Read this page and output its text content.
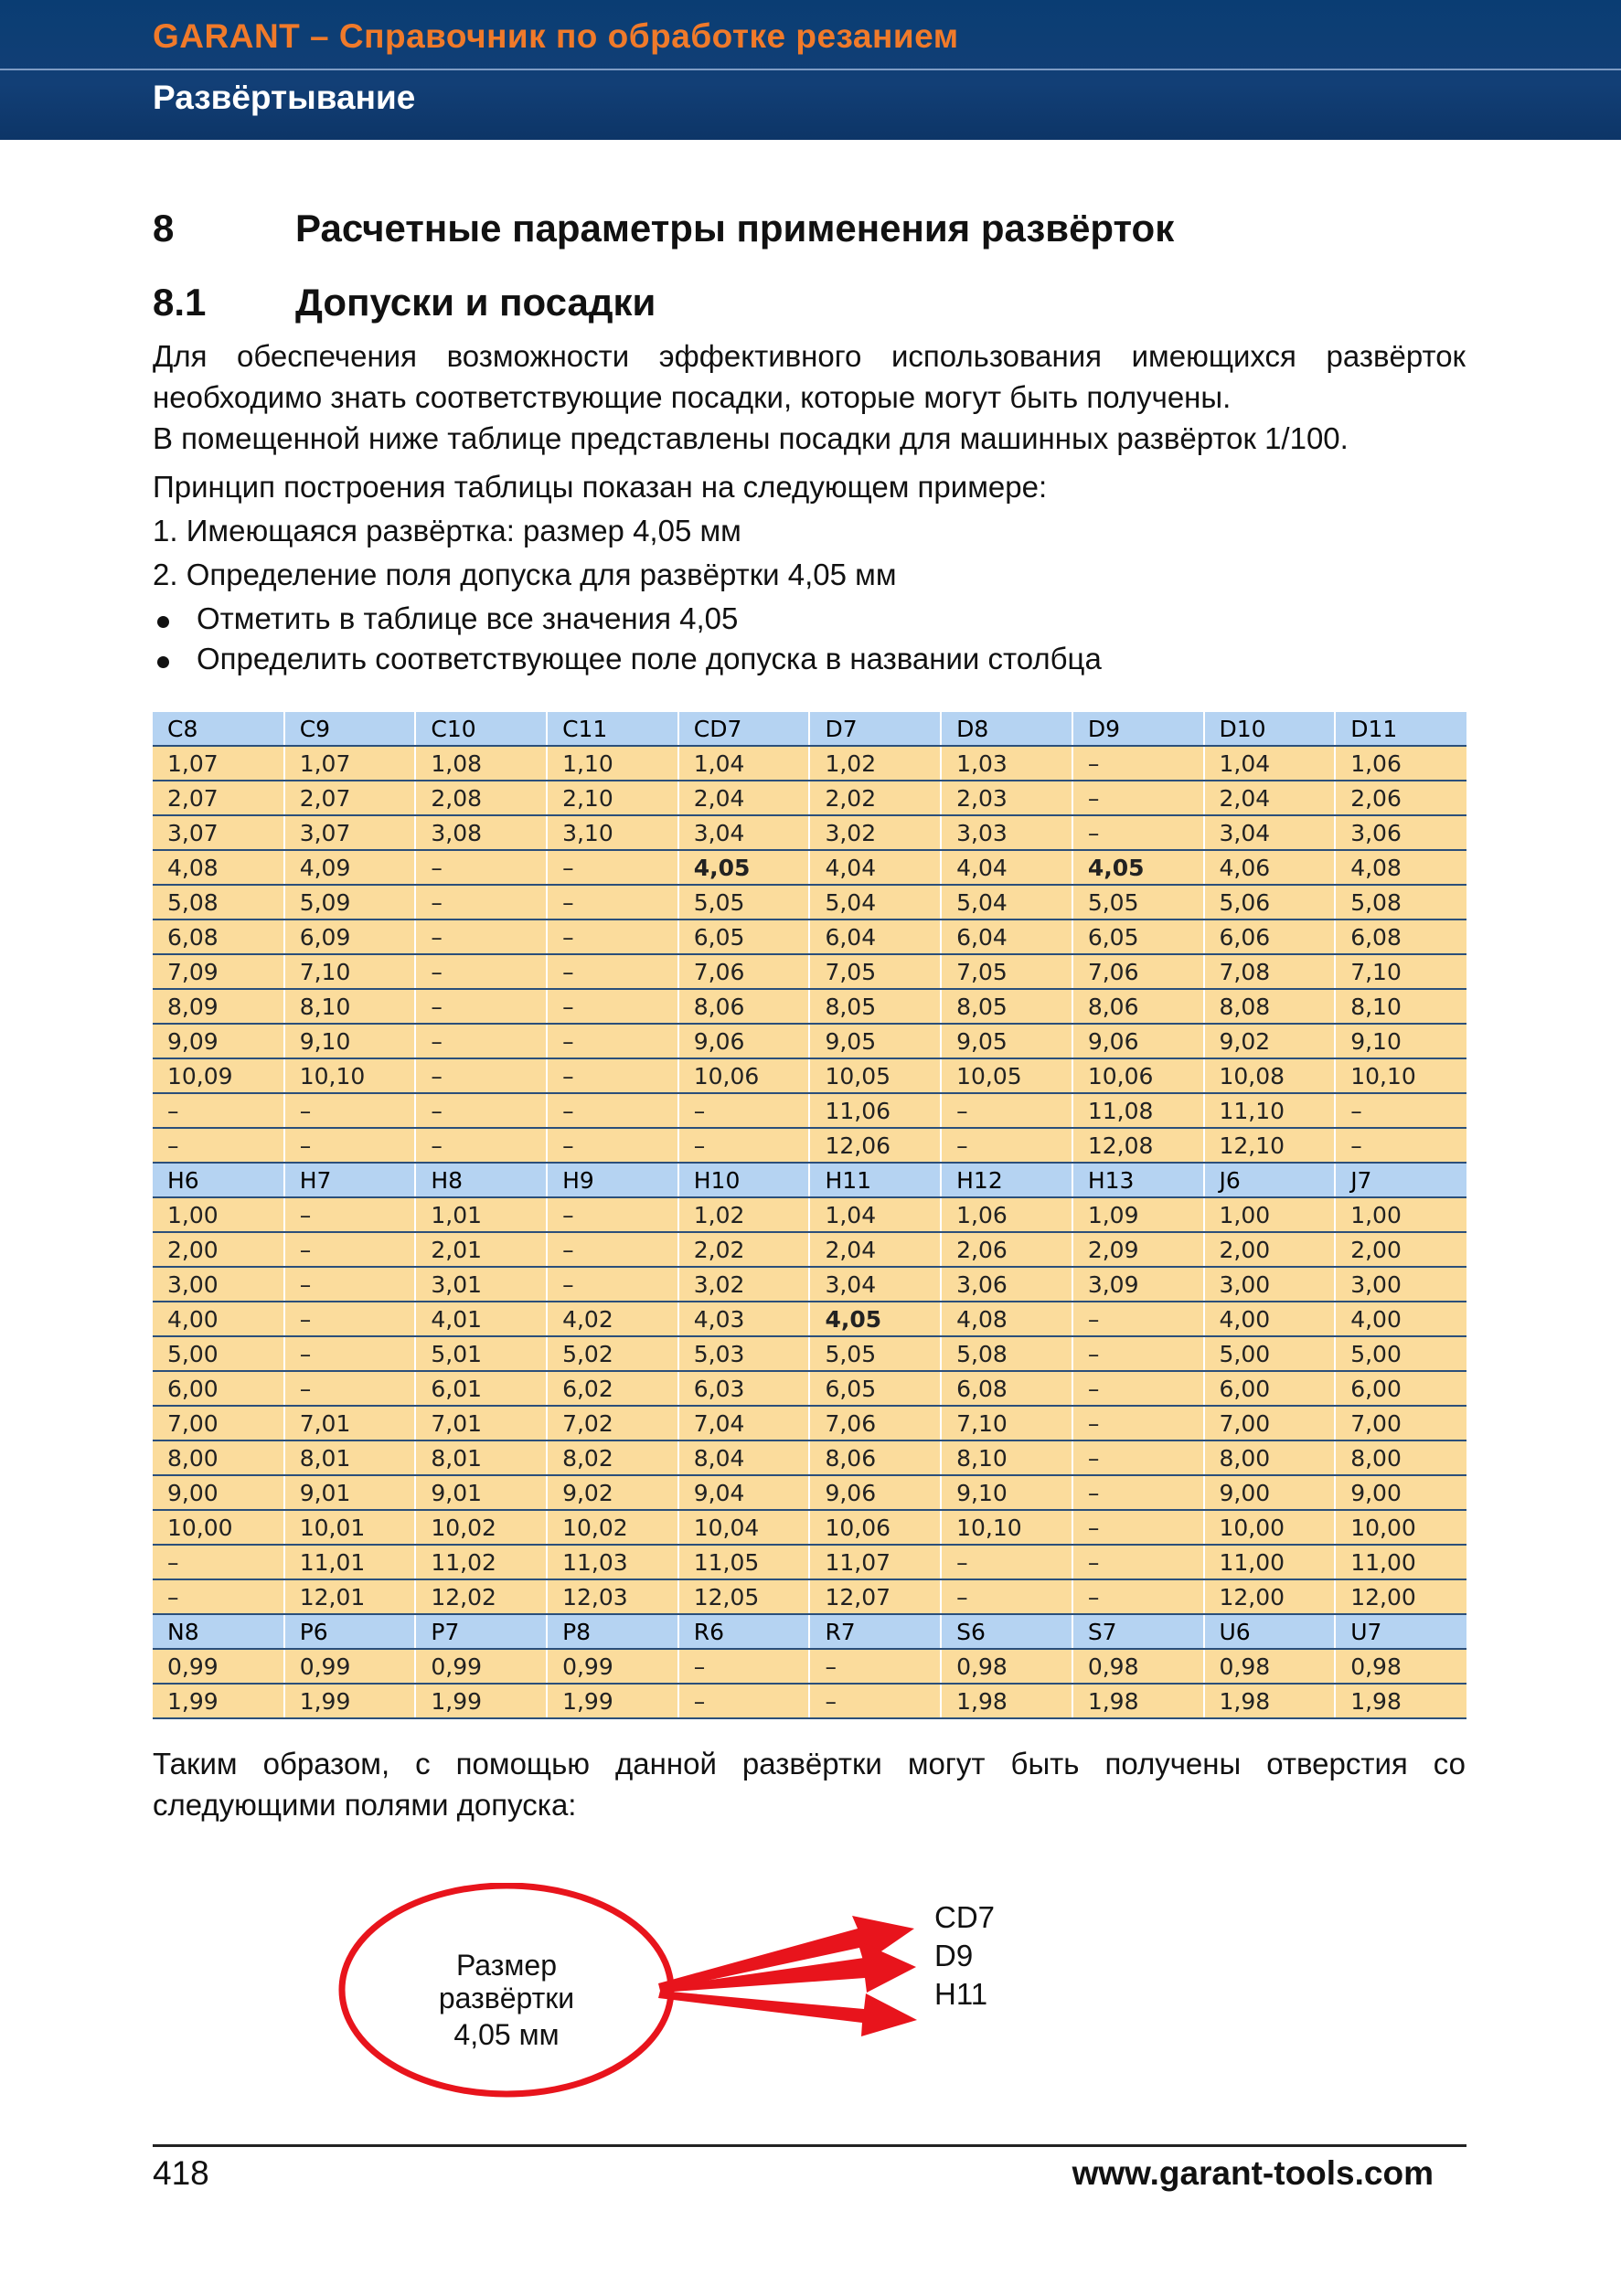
GARANT – Справочник по обработке резанием
Развёртывание
8	Расчетные параметры применения развёрток
8.1 Допуски и посадки
Для обеспечения возможности эффективного использования имеющихся развёрток необходимо знать соответствующие посадки, которые могут быть получены.
В помещенной ниже таблице представлены посадки для машинных развёрток 1/100.
Принцип построения таблицы показан на следующем примере:
1. Имеющаяся развёртка: размер 4,05 мм
2. Определение поля допуска для развёртки 4,05 мм
Отметить в таблице все значения 4,05
Определить соответствующее поле допуска в названии столбца
C8	C9	C10	C11	CD7	D7	D8	D9	D10	D11
1,07	1,07	1,08	1,10	1,04	1,02	1,03	–	1,04	1,06
2,07	2,07	2,08	2,10	2,04	2,02	2,03	–	2,04	2,06
3,07	3,07	3,08	3,10	3,04	3,02	3,03	–	3,04	3,06
4,08	4,09	–	–	4,05	4,04	4,04	4,05	4,06	4,08
5,08	5,09	–	–	5,05	5,04	5,04	5,05	5,06	5,08
6,08	6,09	–	–	6,05	6,04	6,04	6,05	6,06	6,08
7,09	7,10	–	–	7,06	7,05	7,05	7,06	7,08	7,10
8,09	8,10	–	–	8,06	8,05	8,05	8,06	8,08	8,10
9,09	9,10	–	–	9,06	9,05	9,05	9,06	9,02	9,10
10,09	10,10	–	–	10,06	10,05	10,05	10,06	10,08	10,10
–	–	–	–	–	11,06	–	11,08	11,10	–
–	–	–	–	–	12,06	–	12,08	12,10	–
H6	H7	H8	H9	H10	H11	H12	H13	J6	J7
1,00	–	1,01	–	1,02	1,04	1,06	1,09	1,00	1,00
2,00	–	2,01	–	2,02	2,04	2,06	2,09	2,00	2,00
3,00	–	3,01	–	3,02	3,04	3,06	3,09	3,00	3,00
4,00	–	4,01	4,02	4,03	4,05	4,08	–	4,00	4,00
5,00	–	5,01	5,02	5,03	5,05	5,08	–	5,00	5,00
6,00	–	6,01	6,02	6,03	6,05	6,08	–	6,00	6,00
7,00	7,01	7,01	7,02	7,04	7,06	7,10	–	7,00	7,00
8,00	8,01	8,01	8,02	8,04	8,06	8,10	–	8,00	8,00
9,00	9,01	9,01	9,02	9,04	9,06	9,10	–	9,00	9,00
10,00	10,01	10,02	10,02	10,04	10,06	10,10	–	10,00	10,00
–	11,01	11,02	11,03	11,05	11,07	–	–	11,00	11,00
–	12,01	12,02	12,03	12,05	12,07	–	–	12,00	12,00
N8	P6	P7	P8	R6	R7	S6	S7	U6	U7
0,99	0,99	0,99	0,99	–	–	0,98	0,98	0,98	0,98
1,99	1,99	1,99	1,99	–	–	1,98	1,98	1,98	1,98
Таким образом, с помощью данной развёртки могут быть получены отверстия со следующими полями допуска:
Размер
развёртки
4,05 мм
CD7
D9
H11
418	www.garant-tools.com
